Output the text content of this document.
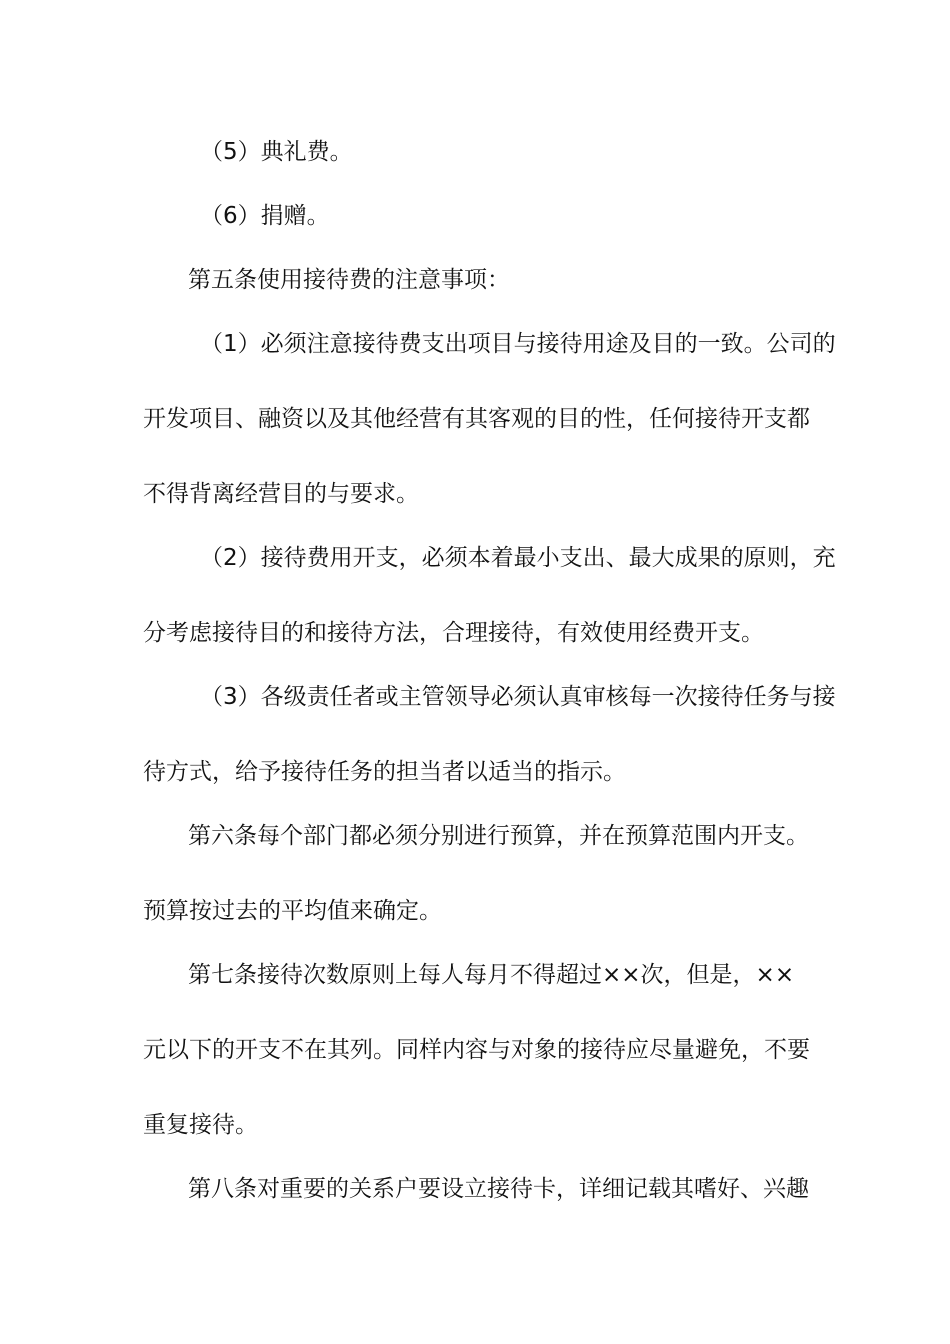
（5）典礼费。
（6）捐赠。
第五条使用接待费的注意事项：
（1）必须注意接待费支出项目与接待用途及目的一致。公司的
开发项目、融资以及其他经营有其客观的目的性，任何接待开支都
不得背离经营目的与要求。
（2）接待费用开支，必须本着最小支出、最大成果的原则，充
分考虑接待目的和接待方法，合理接待，有效使用经费开支。
（3）各级责任者或主管领导必须认真审核每一次接待任务与接
待方式，给予接待任务的担当者以适当的指示。
第六条每个部门都必须分别进行预算，并在预算范围内开支。
预算按过去的平均值来确定。
第七条接待次数原则上每人每月不得超过××次，但是，××
元以下的开支不在其列。同样内容与对象的接待应尽量避免，不要
重复接待。
第八条对重要的关系户要设立接待卡，详细记载其嗜好、兴趣
